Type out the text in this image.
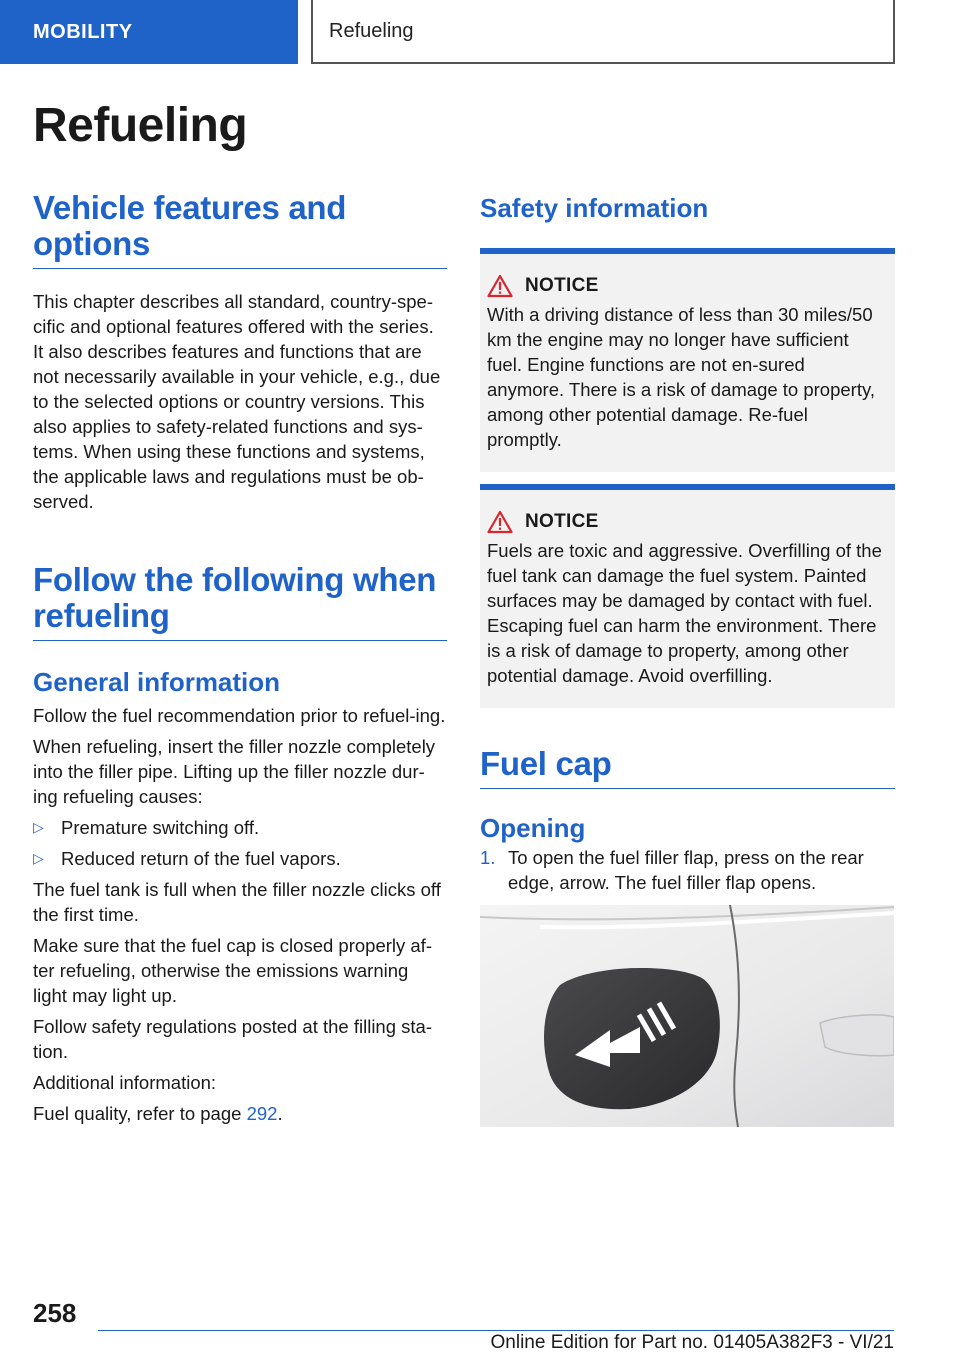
MOBILITY	Refueling
Refueling
Vehicle features and options

This chapter describes all standard, country-spe-cific and optional features offered with the series. It also describes features and functions that are not necessarily available in your vehicle, e.g., due to the selected options or country versions. This also applies to safety-related functions and sys-tems. When using these functions and systems, the applicable laws and regulations must be ob-served.

Follow the following when refueling
General information

Follow the fuel recommendation prior to refuel-ing.

When refueling, insert the filler nozzle completely into the filler pipe. Lifting up the filler nozzle dur-ing refueling causes:

▷ Premature switching off.
▷ Reduced return of the fuel vapors.

The fuel tank is full when the filler nozzle clicks off the first time.

Make sure that the fuel cap is closed properly af-ter refueling, otherwise the emissions warning light may light up.

Follow safety regulations posted at the filling sta-tion.

Additional information:

Fuel quality, refer to page 292.

Safety information
NOTICE

With a driving distance of less than 30 miles/50 km the engine may no longer have sufficient fuel. Engine functions are not en-sured anymore. There is a risk of damage to property, among other potential damage. Re-fuel promptly.

NOTICE

Fuels are toxic and aggressive. Overfilling of the fuel tank can damage the fuel system. Painted surfaces may be damaged by contact with fuel. Escaping fuel can harm the environment. There is a risk of damage to property, among other potential damage. Avoid overfilling.

Fuel cap
Opening
1. To open the fuel filler flap, press on the rear edge, arrow. The fuel filler flap opens.
258
Online Edition for Part no. 01405A382F3 - VI/21
